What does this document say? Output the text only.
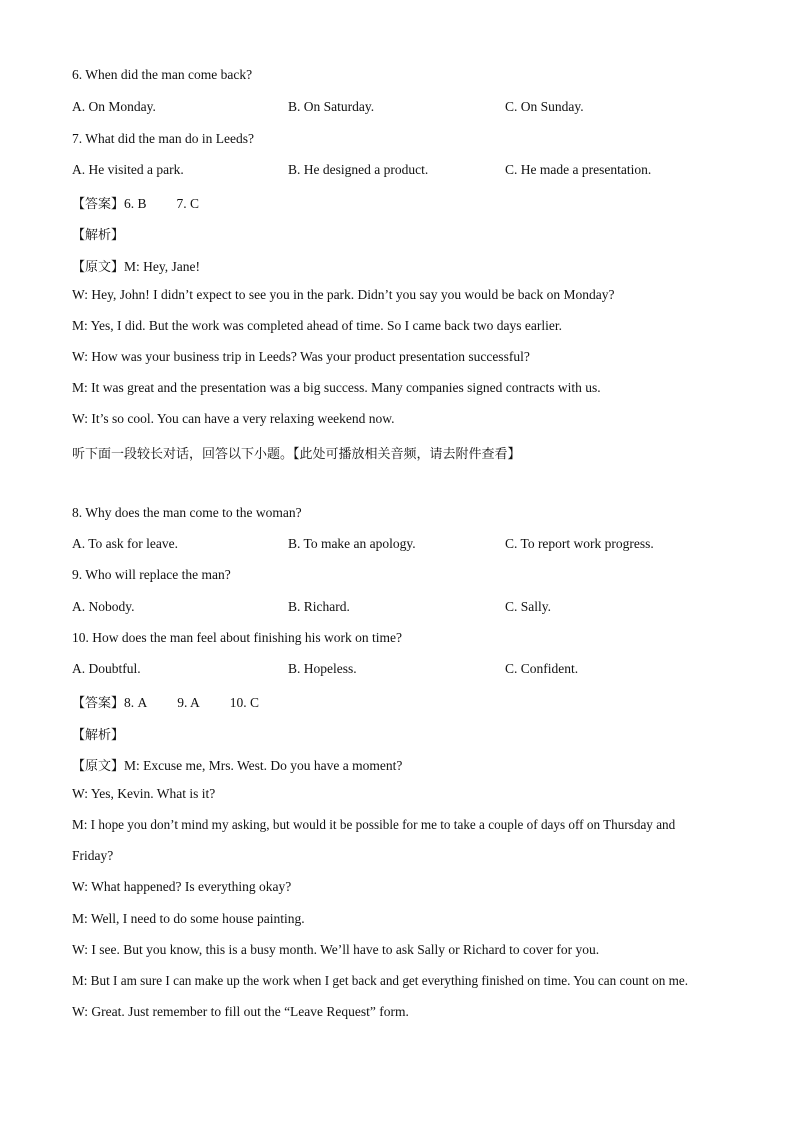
6. When did the man come back?
A. On Monday.	B. On Saturday.	C. On Sunday.
7. What did the man do in Leeds?
A. He visited a park.	B. He designed a product.	C. He made a presentation.
【答案】6. B 7. C
【解析】
【原文】M: Hey, Jane!
W: Hey, John! I didn’t expect to see you in the park. Didn’t you say you would be back on Monday?
M: Yes, I did. But the work was completed ahead of time. So I came back two days earlier.
W: How was your business trip in Leeds? Was your product presentation successful?
M: It was great and the presentation was a big success. Many companies signed contracts with us.
W: It’s so cool. You can have a very relaxing weekend now.
听下面一段较长对话，回答以下小题。【此处可播放相关音频，请去附件查看】
8. Why does the man come to the woman?
A. To ask for leave.	B. To make an apology.	C. To report work progress.
9. Who will replace the man?
A. Nobody.	B. Richard.	C. Sally.
10. How does the man feel about finishing his work on time?
A. Doubtful.	B. Hopeless.	C. Confident.
【答案】8. A 9. A 10. C
【解析】
【原文】M: Excuse me, Mrs. West. Do you have a moment?
W: Yes, Kevin. What is it?
M: I hope you don’t mind my asking, but would it be possible for me to take a couple of days off on Thursday and
Friday?
W: What happened? Is everything okay?
M: Well, I need to do some house painting.
W: I see. But you know, this is a busy month. We’ll have to ask Sally or Richard to cover for you.
M: But I am sure I can make up the work when I get back and get everything finished on time. You can count on me.
W: Great. Just remember to fill out the “Leave Request” form.
